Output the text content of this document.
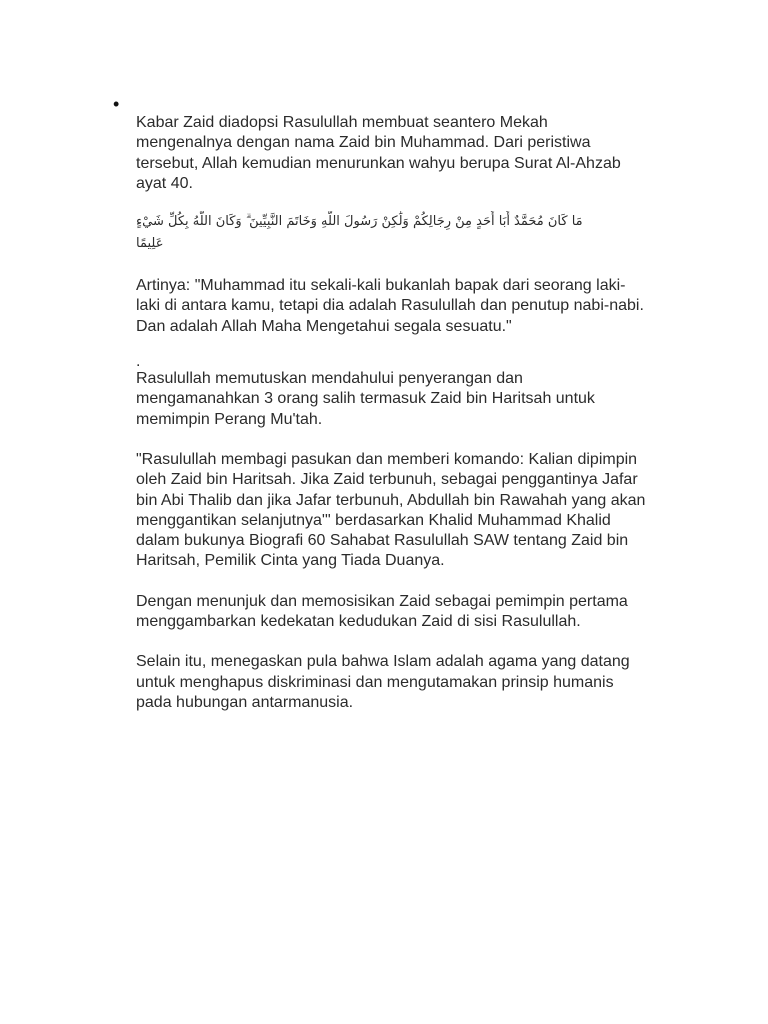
•

Kabar Zaid diadopsi Rasulullah membuat seantero Mekah
mengenalnya dengan nama Zaid bin Muhammad. Dari peristiwa
tersebut, Allah kemudian menurunkan wahyu berupa Surat Al-Ahzab
ayat 40.

مَا كَانَ مُحَمَّدٌ أَبَا أَحَدٍ مِنْ رِجَالِكُمْ وَلَٰكِنْ رَسُولَ اللَّهِ وَخَاتَمَ النَّبِيِّينَ ۗ وَكَانَ اللَّهُ بِكُلِّ شَيْءٍ عَلِيمًا

Artinya: "Muhammad itu sekali-kali bukanlah bapak dari seorang laki-
laki di antara kamu, tetapi dia adalah Rasulullah dan penutup nabi-nabi.
Dan adalah Allah Maha Mengetahui segala sesuatu."

.

Rasulullah memutuskan mendahului penyerangan dan
mengamanahkan 3 orang salih termasuk Zaid bin Haritsah untuk
memimpin Perang Mu'tah.

"Rasulullah membagi pasukan dan memberi komando: Kalian dipimpin
oleh Zaid bin Haritsah. Jika Zaid terbunuh, sebagai penggantinya Jafar
bin Abi Thalib dan jika Jafar terbunuh, Abdullah bin Rawahah yang akan
menggantikan selanjutnya'" berdasarkan Khalid Muhammad Khalid
dalam bukunya Biografi 60 Sahabat Rasulullah SAW tentang Zaid bin
Haritsah, Pemilik Cinta yang Tiada Duanya.

Dengan menunjuk dan memosisikan Zaid sebagai pemimpin pertama
menggambarkan kedekatan kedudukan Zaid di sisi Rasulullah.

Selain itu, menegaskan pula bahwa Islam adalah agama yang datang
untuk menghapus diskriminasi dan mengutamakan prinsip humanis
pada hubungan antarmanusia.
